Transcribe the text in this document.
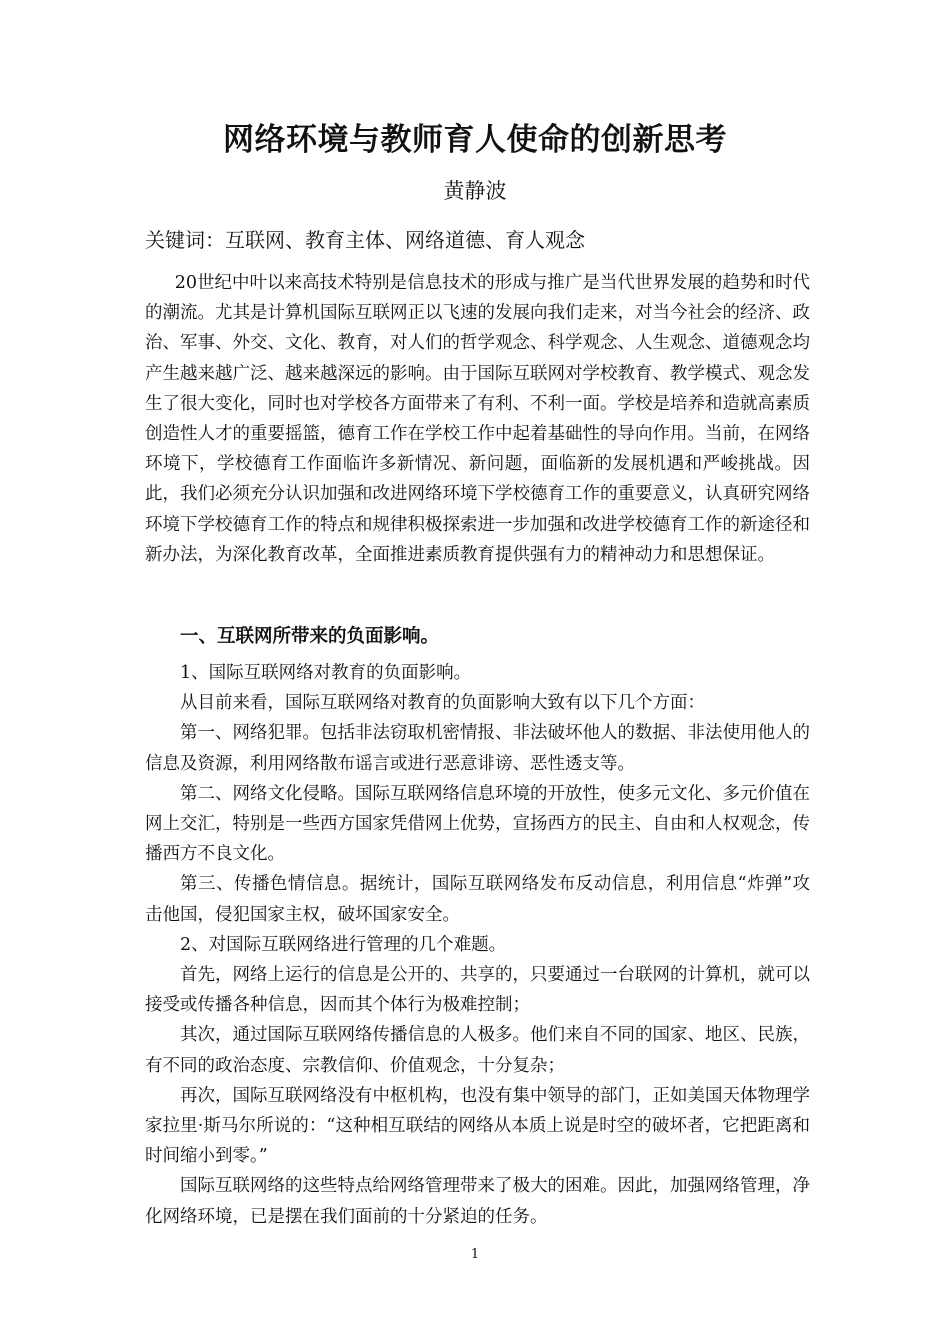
网络环境与教师育人使命的创新思考
黄静波
关键词：互联网、教育主体、网络道德、育人观念

20世纪中叶以来高技术特别是信息技术的形成与推广是当代世界发展的趋势和时代的潮流。尤其是计算机国际互联网正以飞速的发展向我们走来，对当今社会的经济、政治、军事、外交、文化、教育，对人们的哲学观念、科学观念、人生观念、道德观念均产生越来越广泛、越来越深远的影响。由于国际互联网对学校教育、教学模式、观念发生了很大变化，同时也对学校各方面带来了有利、不利一面。学校是培养和造就高素质创造性人才的重要摇篮，德育工作在学校工作中起着基础性的导向作用。当前，在网络环境下，学校德育工作面临许多新情况、新问题，面临新的发展机遇和严峻挑战。因此，我们必须充分认识加强和改进网络环境下学校德育工作的重要意义，认真研究网络环境下学校德育工作的特点和规律积极探索进一步加强和改进学校德育工作的新途径和新办法，为深化教育改革，全面推进素质教育提供强有力的精神动力和思想保证。

一、互联网所带来的负面影响。

1、国际互联网络对教育的负面影响。

从目前来看，国际互联网络对教育的负面影响大致有以下几个方面：

第一、网络犯罪。包括非法窃取机密情报、非法破坏他人的数据、非法使用他人的信息及资源，利用网络散布谣言或进行恶意诽谤、恶性透支等。

第二、网络文化侵略。国际互联网络信息环境的开放性，使多元文化、多元价值在网上交汇，特别是一些西方国家凭借网上优势，宣扬西方的民主、自由和人权观念，传播西方不良文化。

第三、传播色情信息。据统计，国际互联网络发布反动信息，利用信息“炸弹”攻击他国，侵犯国家主权，破坏国家安全。

2、对国际互联网络进行管理的几个难题。

首先，网络上运行的信息是公开的、共享的，只要通过一台联网的计算机，就可以接受或传播各种信息，因而其个体行为极难控制；

其次，通过国际互联网络传播信息的人极多。他们来自不同的国家、地区、民族，有不同的政治态度、宗教信仰、价值观念，十分复杂；

再次，国际互联网络没有中枢机构，也没有集中领导的部门，正如美国天体物理学家拉里·斯马尔所说的：“这种相互联结的网络从本质上说是时空的破坏者，它把距离和时间缩小到零。”

国际互联网络的这些特点给网络管理带来了极大的困难。因此，加强网络管理，净化网络环境，已是摆在我们面前的十分紧迫的任务。

1
